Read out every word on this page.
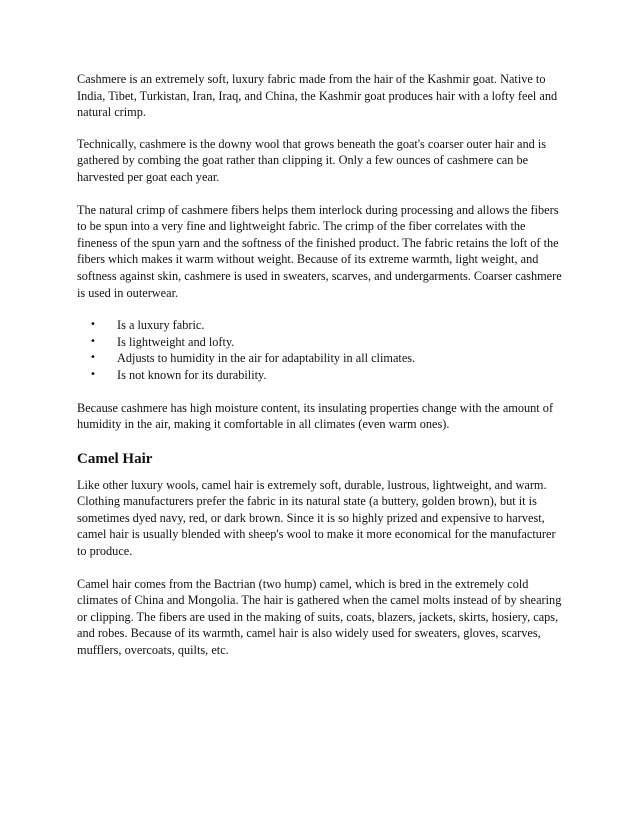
Cashmere is an extremely soft, luxury fabric made from the hair of the Kashmir goat. Native to India, Tibet, Turkistan, Iran, Iraq, and China, the Kashmir goat produces hair with a lofty feel and natural crimp.

Technically, cashmere is the downy wool that grows beneath the goat's coarser outer hair and is gathered by combing the goat rather than clipping it. Only a few ounces of cashmere can be harvested per goat each year.

The natural crimp of cashmere fibers helps them interlock during processing and allows the fibers to be spun into a very fine and lightweight fabric. The crimp of the fiber correlates with the fineness of the spun yarn and the softness of the finished product. The fabric retains the loft of the fibers which makes it warm without weight. Because of its extreme warmth, light weight, and softness against skin, cashmere is used in sweaters, scarves, and undergarments. Coarser cashmere is used in outerwear.

• Is a luxury fabric.
• Is lightweight and lofty.
• Adjusts to humidity in the air for adaptability in all climates.
• Is not known for its durability.

Because cashmere has high moisture content, its insulating properties change with the amount of humidity in the air, making it comfortable in all climates (even warm ones).

Camel Hair

Like other luxury wools, camel hair is extremely soft, durable, lustrous, lightweight, and warm. Clothing manufacturers prefer the fabric in its natural state (a buttery, golden brown), but it is sometimes dyed navy, red, or dark brown. Since it is so highly prized and expensive to harvest, camel hair is usually blended with sheep's wool to make it more economical for the manufacturer to produce.

Camel hair comes from the Bactrian (two hump) camel, which is bred in the extremely cold climates of China and Mongolia. The hair is gathered when the camel molts instead of by shearing or clipping. The fibers are used in the making of suits, coats, blazers, jackets, skirts, hosiery, caps, and robes. Because of its warmth, camel hair is also widely used for sweaters, gloves, scarves, mufflers, overcoats, quilts, etc.
